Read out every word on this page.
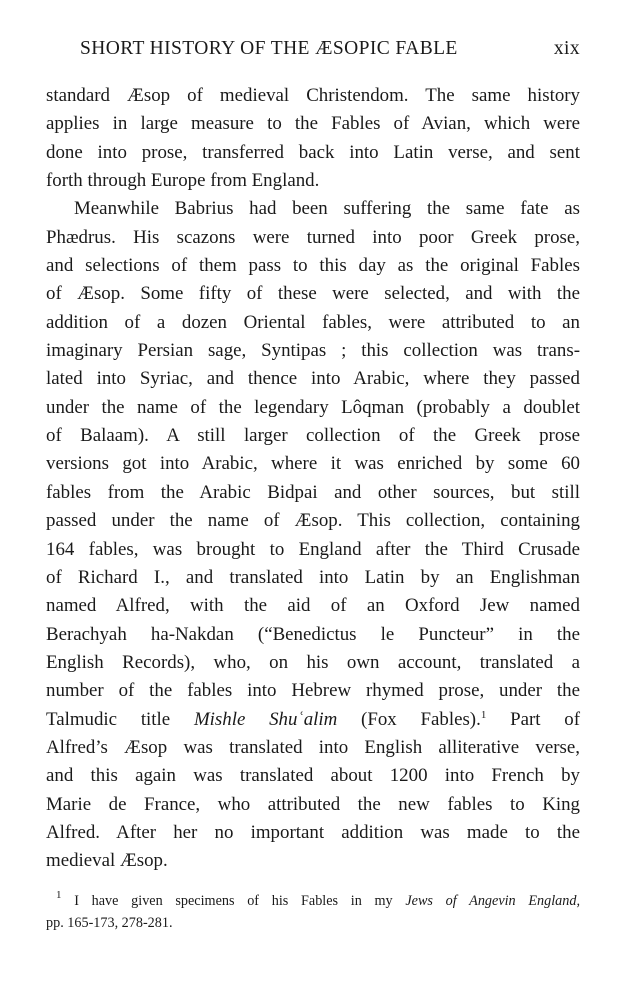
SHORT HISTORY OF THE ÆSOPIC FABLE	xix
standard Æsop of medieval Christendom. The same history
applies in large measure to the Fables of Avian, which were
done into prose, transferred back into Latin verse, and sent
forth through Europe from England.
Meanwhile Babrius had been suffering the same fate as
Phædrus. His scazons were turned into poor Greek prose,
and selections of them pass to this day as the original Fables
of Æsop. Some fifty of these were selected, and with the
addition of a dozen Oriental fables, were attributed to an
imaginary Persian sage, Syntipas ; this collection was trans-
lated into Syriac, and thence into Arabic, where they passed
under the name of the legendary Lôqman (probably a doublet
of Balaam). A still larger collection of the Greek prose
versions got into Arabic, where it was enriched by some 60
fables from the Arabic Bidpai and other sources, but still
passed under the name of Æsop. This collection, containing
164 fables, was brought to England after the Third Crusade
of Richard I., and translated into Latin by an Englishman
named Alfred, with the aid of an Oxford Jew named
Berachyah ha-Nakdan (“Benedictus le Puncteur” in the
English Records), who, on his own account, translated a
number of the fables into Hebrew rhymed prose, under the
Talmudic title Mishle Shuʿalim (Fox Fables).$^1$ Part of
Alfred’s Æsop was translated into English alliterative verse,
and this again was translated about 1200 into French by
Marie de France, who attributed the new fables to King
Alfred. After her no important addition was made to the
medieval Æsop.
$^1$ I have given specimens of his Fables in my Jews of Angevin England,
pp. 165-173, 278-281.
